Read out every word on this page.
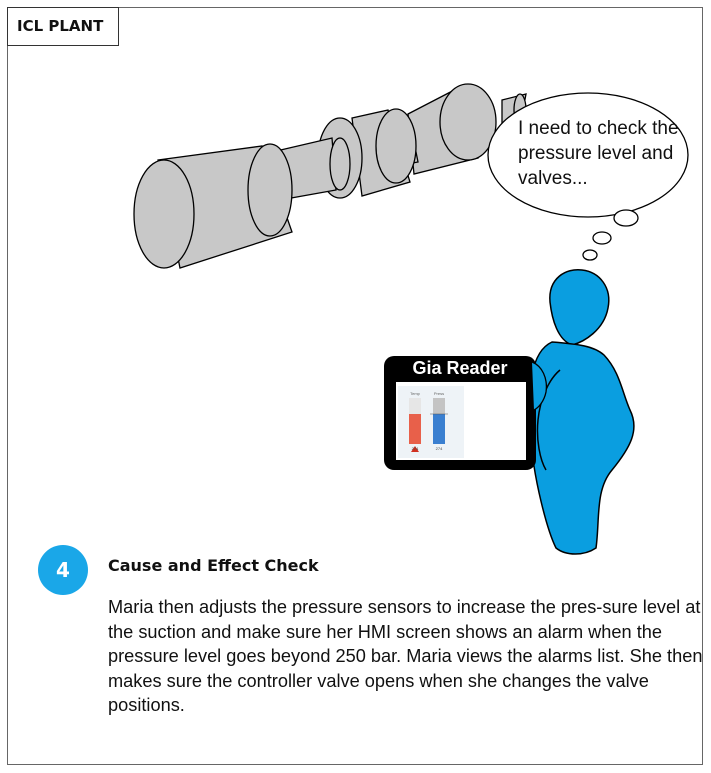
ICL PLANT
Temp	Press
274	274
I need to check the pressure level and valves...
Gia Reader
4	Cause and Effect Check
Maria then adjusts the pressure sensors to increase the pres-sure level at the suction and make sure her HMI screen shows an alarm when the pressure level goes beyond 250 bar. Maria views the alarms list. She then makes sure the controller valve opens when she changes the valve positions.
